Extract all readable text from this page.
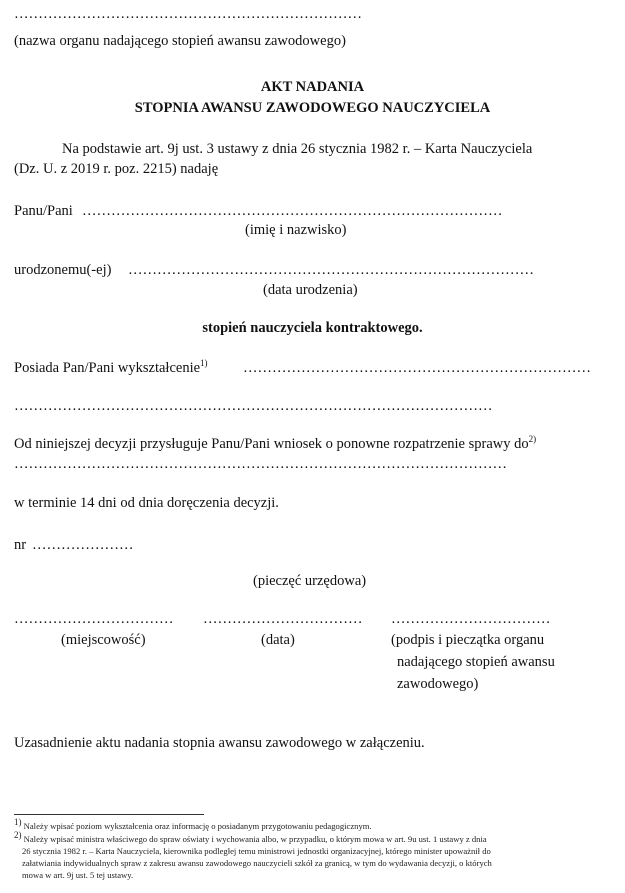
………………………………………………………………
(nazwa organu nadającego stopień awansu zawodowego)
AKT NADANIA
STOPNIA AWANSU ZAWODOWEGO NAUCZYCIELA
Na podstawie art. 9j ust. 3 ustawy z dnia 26 stycznia 1982 r. – Karta Nauczyciela
(Dz. U. z 2019 r. poz. 2215) nadaję
Panu/Pani ……………………………………………………………………………
(imię i nazwisko)
urodzonemu(-ej) …………………………………………………………………………
(data urodzenia)
stopień nauczyciela kontraktowego.
Posiada Pan/Pani wykształcenie$^{1)}$ ………………………………………………………………
………………………………………………………………………………………
Od niniejszej decyzji przysługuje Panu/Pani wniosek o ponowne rozpatrzenie sprawy $do^{2)}$
…………………………………………………………………………………………
w terminie 14 dni od dnia doręczenia decyzji.
nr …………………
(pieczęć urzędowa)
…………………………… …………………………… ……………………………
(miejscowość)	(data)	(podpis i pieczątka organu
nadającego stopień awansu
zawodowego)
Uzasadnienie aktu nadania stopnia awansu zawodowego w załączeniu.
$^{1)}$ Należy wpisać poziom wykształcenia oraz informację o posiadanym przygotowaniu pedagogicznym.
$^{2)}$ Należy wpisać ministra właściwego do spraw oświaty i wychowania albo, w przypadku, o którym mowa w art. 9u ust. 1 ustawy z dnia
26 stycznia 1982 r. – Karta Nauczyciela, kierownika podległej temu ministrowi jednostki organizacyjnej, którego minister upoważnił do
załatwiania indywidualnych spraw z zakresu awansu zawodowego nauczycieli szkół za granicą, w tym do wydawania decyzji, o których
mowa w art. 9j ust. 5 tej ustawy.
